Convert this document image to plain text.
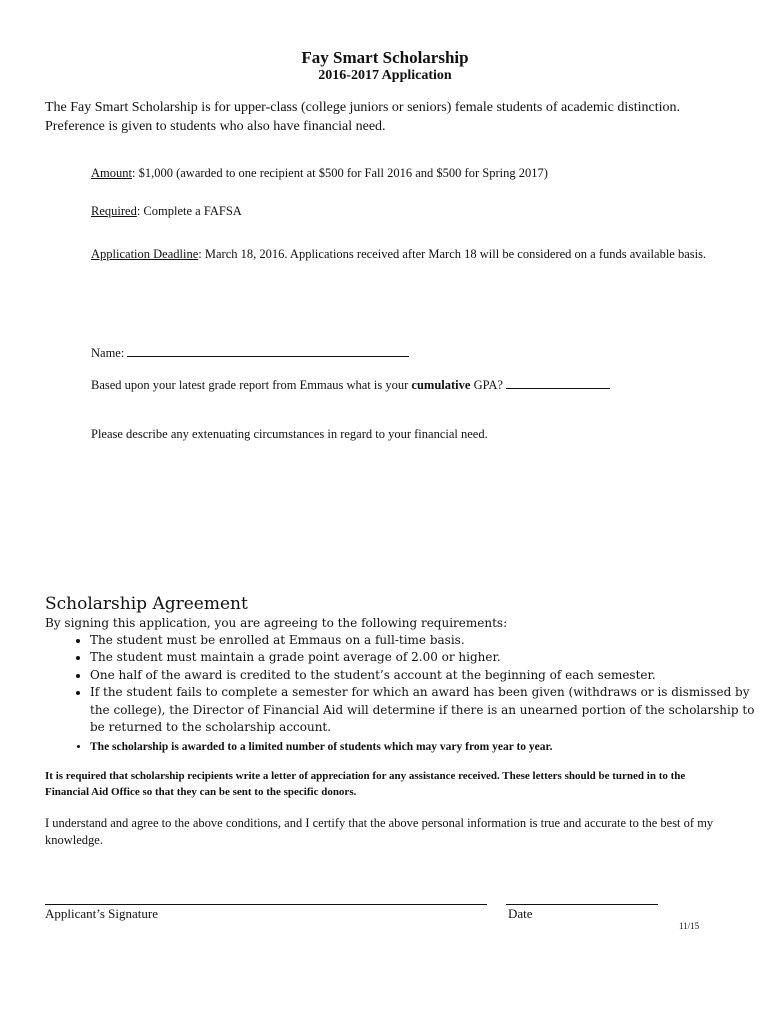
Fay Smart Scholarship
2016-2017 Application
The Fay Smart Scholarship is for upper-class (college juniors or seniors) female students of academic distinction. Preference is given to students who also have financial need.
Amount: $1,000 (awarded to one recipient at $500 for Fall 2016 and $500 for Spring 2017)
Required: Complete a FAFSA
Application Deadline: March 18, 2016. Applications received after March 18 will be considered on a funds available basis.
Name:
Based upon your latest grade report from Emmaus what is your cumulative GPA?
Please describe any extenuating circumstances in regard to your financial need.
Scholarship Agreement
By signing this application, you are agreeing to the following requirements:
• The student must be enrolled at Emmaus on a full-time basis.
• The student must maintain a grade point average of 2.00 or higher.
• One half of the award is credited to the student’s account at the beginning of each semester.
• If the student fails to complete a semester for which an award has been given (withdraws or is dismissed by the college), the Director of Financial Aid will determine if there is an unearned portion of the scholarship to be returned to the scholarship account.
• The scholarship is awarded to a limited number of students which may vary from year to year.
It is required that scholarship recipients write a letter of appreciation for any assistance received. These letters should be turned in to the Financial Aid Office so that they can be sent to the specific donors.
I understand and agree to the above conditions, and I certify that the above personal information is true and accurate to the best of my knowledge.
Applicant’s Signature	Date
11/15
